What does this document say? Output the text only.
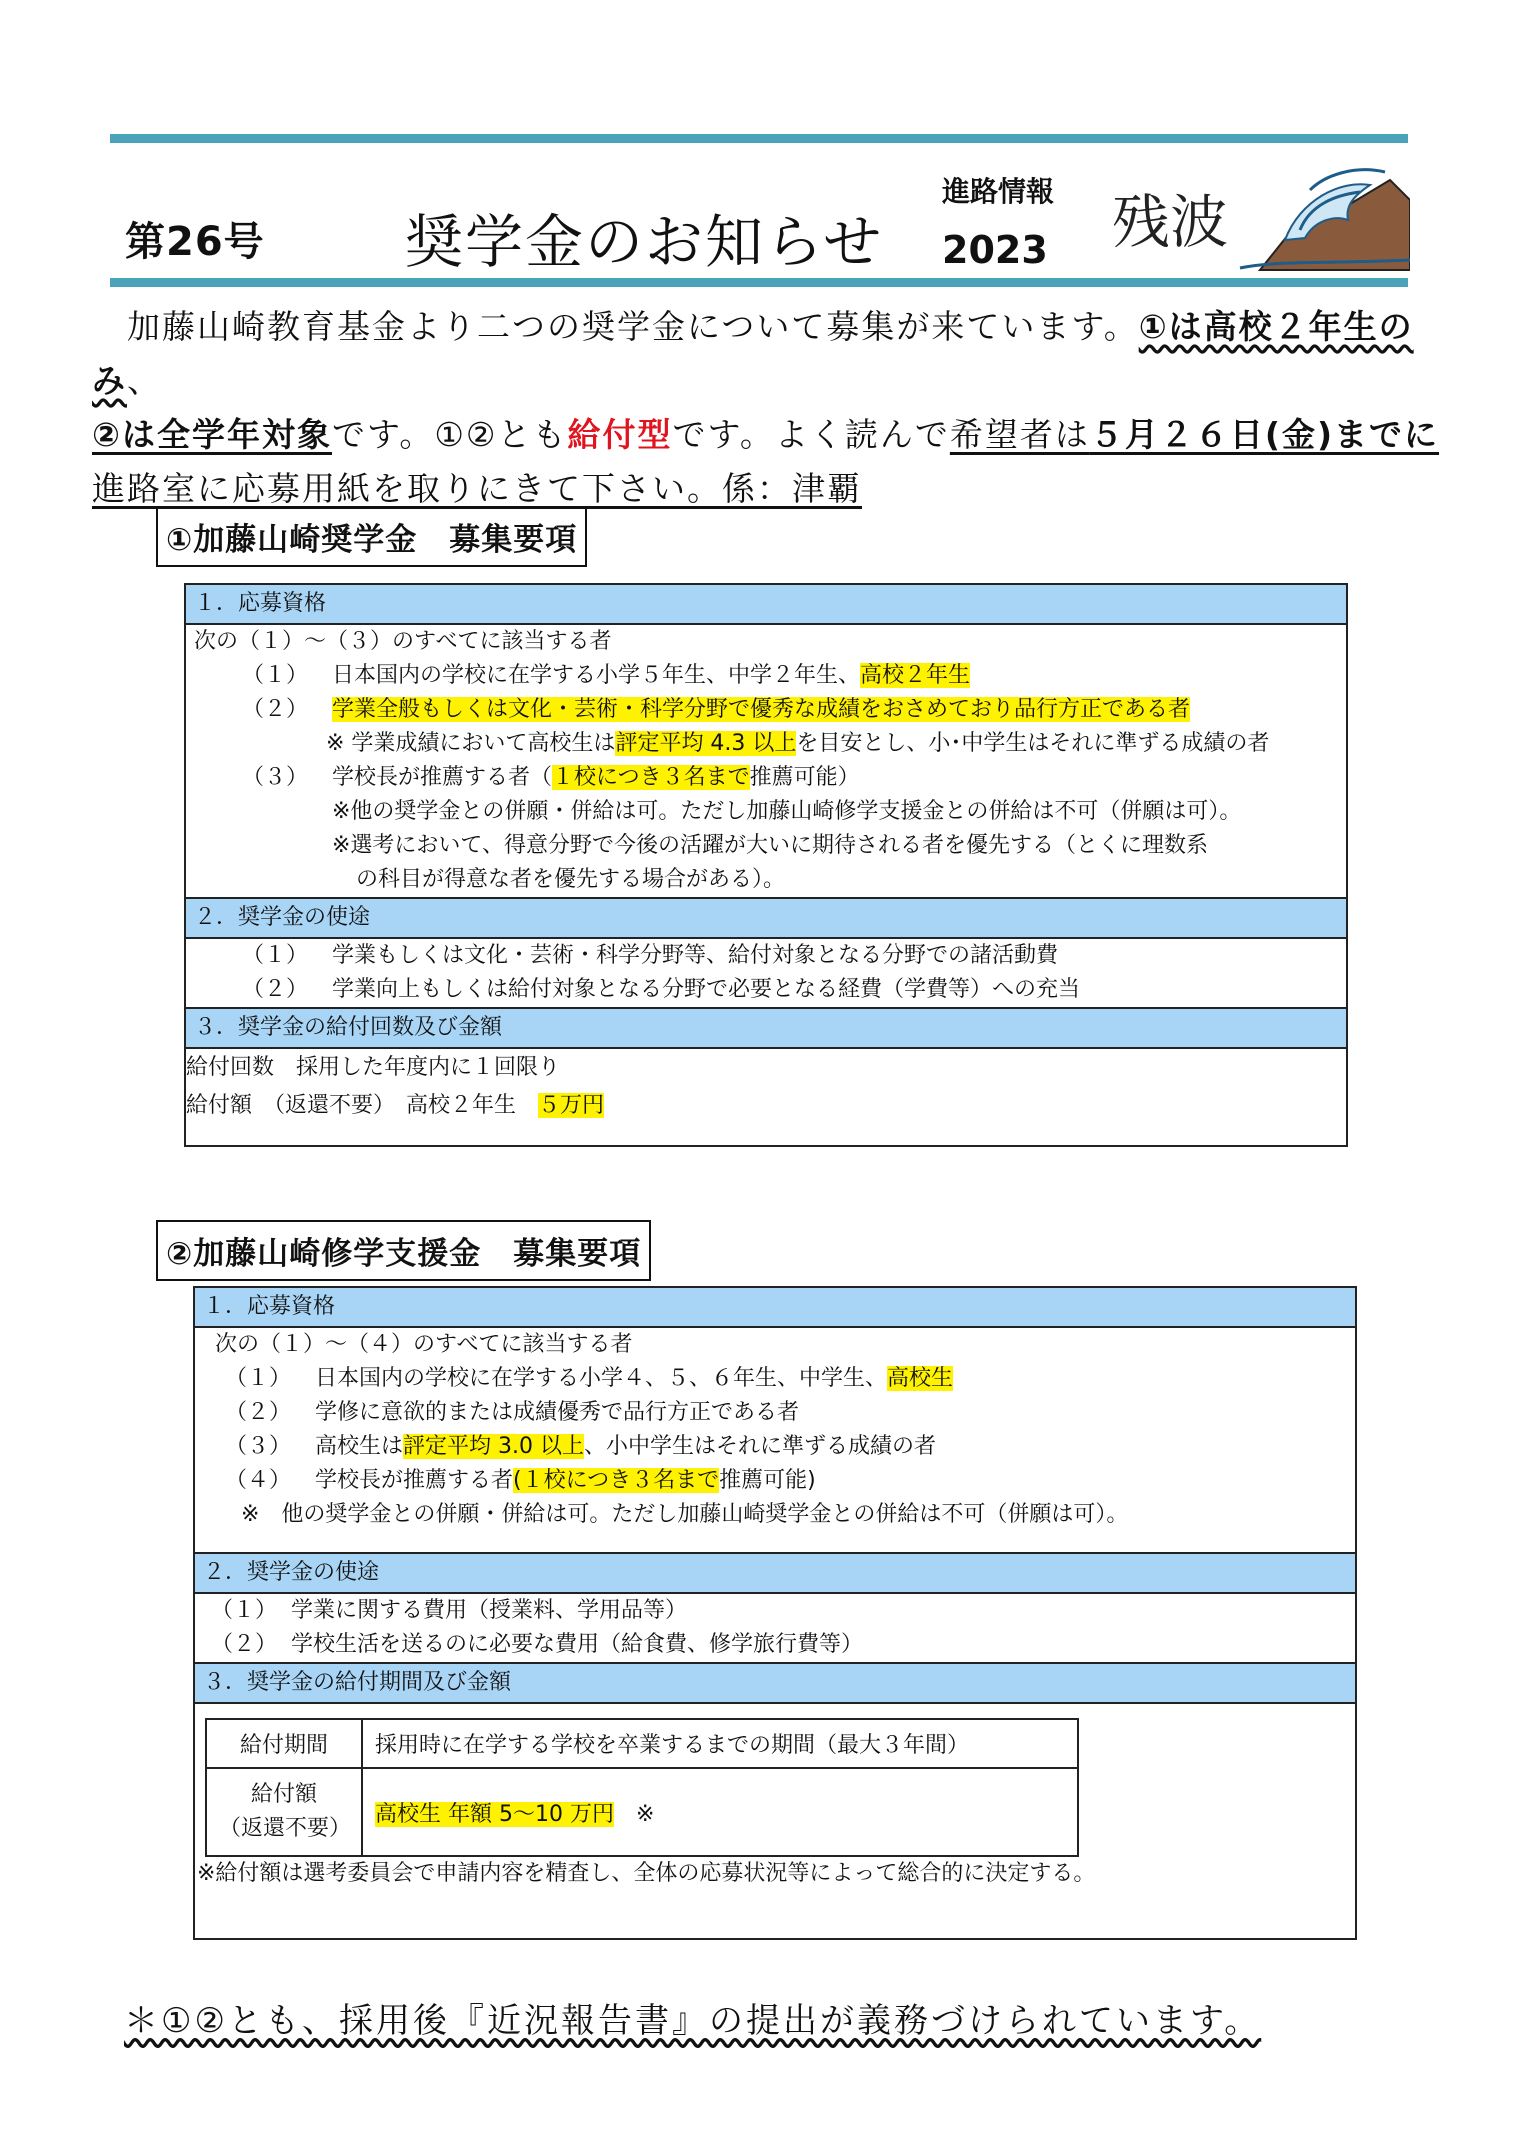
第26号 奨学金のお知らせ
進路情報
2023 残波

　加藤山崎教育基金より二つの奨学金について募集が来ています。①は高校２年生のみ、

②は全学年対象です。①②とも給付型です。よく読んで希望者は５月２６日(金)までに

進路室に応募用紙を取りにきて下さい。係：津覇　

①加藤山崎奨学金　募集要項
１．応募資格
次の（１）～（３）のすべてに該当する者
（１） 日本国内の学校に在学する小学５年生、中学２年生、高校２年生
（２） 学業全般もしくは文化・芸術・科学分野で優秀な成績をおさめており品行方正である者
※ 学業成績において高校生は評定平均 4.3 以上を目安とし、小･中学生はそれに準ずる成績の者
（３） 学校長が推薦する者（１校につき３名まで推薦可能）
※他の奨学金との併願・併給は可。ただし加藤山崎修学支援金との併給は不可（併願は可）。
※選考において、得意分野で今後の活躍が大いに期待される者を優先する（とくに理数系
の科目が得意な者を優先する場合がある）。
２．奨学金の使途
（１） 学業もしくは文化・芸術・科学分野等、給付対象となる分野での諸活動費
（２） 学業向上もしくは給付対象となる分野で必要となる経費（学費等）への充当
３．奨学金の給付回数及び金額
給付回数　採用した年度内に１回限り
給付額　（返還不要）　高校２年生　５万円
②加藤山崎修学支援金　募集要項
１．応募資格
次の（１）～（４）のすべてに該当する者
（１） 日本国内の学校に在学する小学４、５、６年生、中学生、高校生
（２） 学修に意欲的または成績優秀で品行方正である者
（３） 高校生は評定平均 3.0 以上、小中学生はそれに準ずる成績の者
（４） 学校長が推薦する者(１校につき３名まで推薦可能)
※　他の奨学金との併願・併給は可。ただし加藤山崎奨学金との併給は不可（併願は可）。
２．奨学金の使途
（１） 学業に関する費用（授業料、学用品等）
（２） 学校生活を送るのに必要な費用（給食費、修学旅行費等）
３．奨学金の給付期間及び金額
給付期間	採用時に在学する学校を卒業するまでの期間（最大３年間）

給付額
（返還不要）	高校生 年額 5～10 万円　 ※
※給付額は選考委員会で申請内容を精査し、全体の応募状況等によって総合的に決定する。
＊①②とも、採用後『近況報告書』の提出が義務づけられています。
